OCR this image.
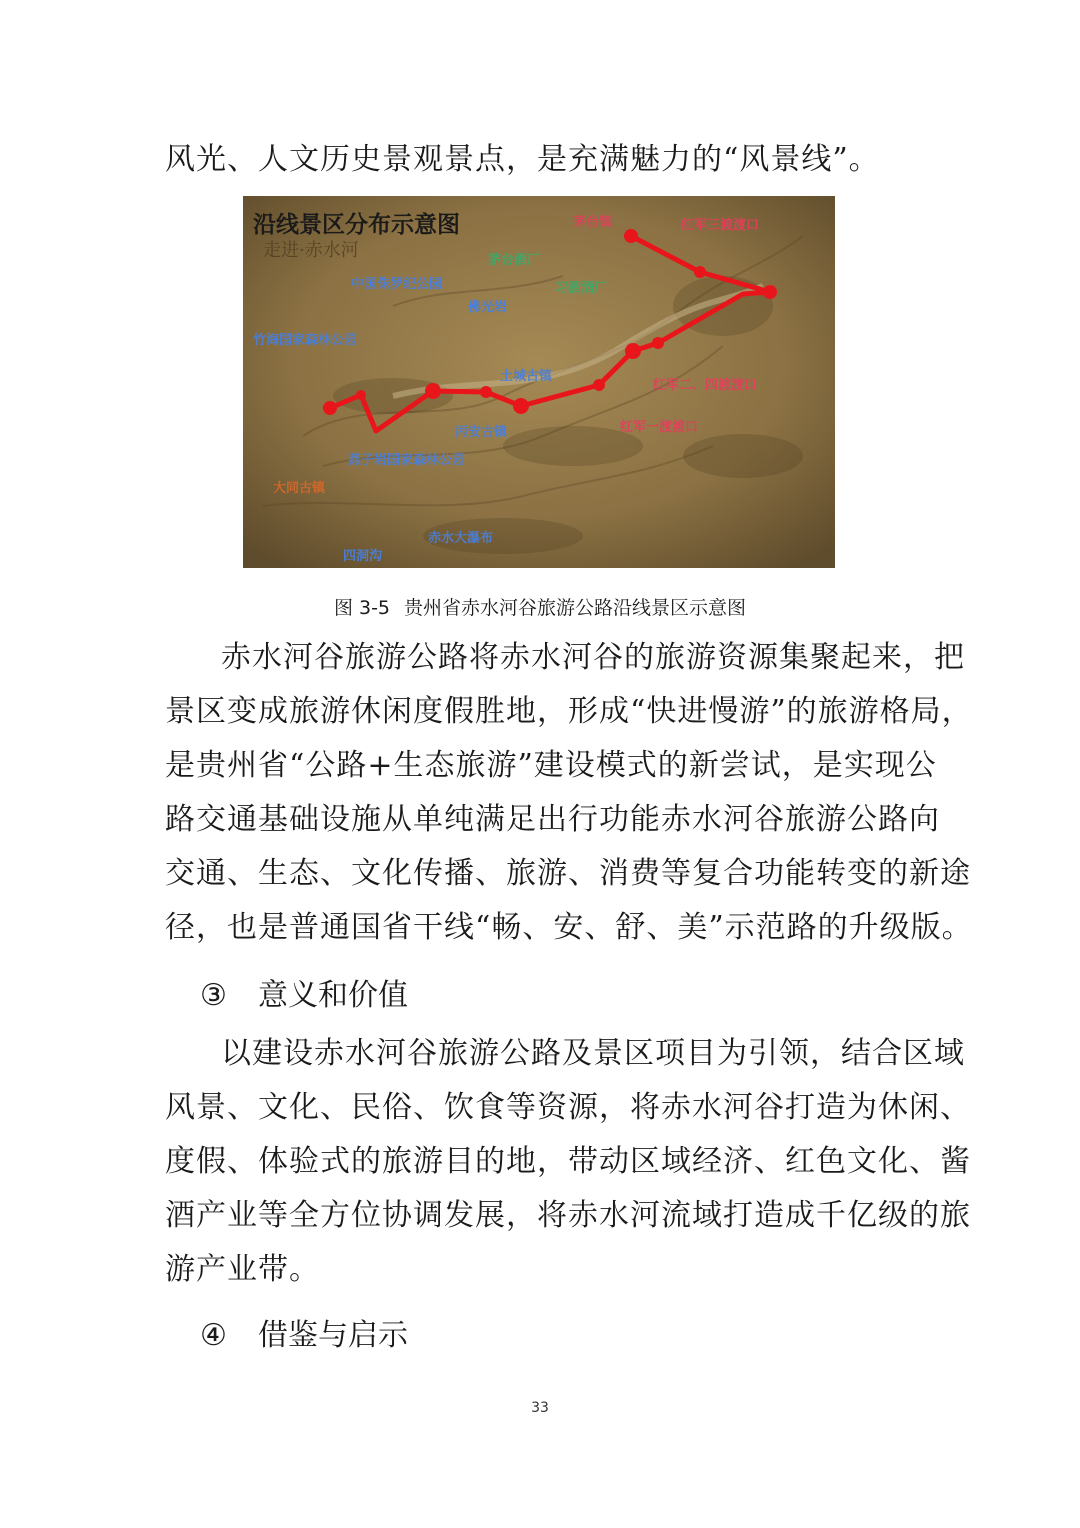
风光、人文历史景观景点，是充满魅力的“风景线”。
沿线景区分布示意图
走进·赤水河
茅台镇	红军三渡渡口
茅台酒厂
习酒酒厂
中国侏罗纪公园
佛光岩
竹海国家森林公园
土城古镇
红军二、四渡渡口
红军一渡渡口
丙安古镇
燕子岩国家森林公园
大同古镇
赤水大瀑布
四洞沟
图 3-5 贵州省赤水河谷旅游公路沿线景区示意图
赤水河谷旅游公路将赤水河谷的旅游资源集聚起来，把
景区变成旅游休闲度假胜地，形成“快进慢游”的旅游格局，
是贵州省“公路+生态旅游”建设模式的新尝试，是实现公
路交通基础设施从单纯满足出行功能赤水河谷旅游公路向
交通、生态、文化传播、旅游、消费等复合功能转变的新途
径，也是普通国省干线“畅、安、舒、美”示范路的升级版。
③ 意义和价值
以建设赤水河谷旅游公路及景区项目为引领，结合区域
风景、文化、民俗、饮食等资源，将赤水河谷打造为休闲、
度假、体验式的旅游目的地，带动区域经济、红色文化、酱
酒产业等全方位协调发展，将赤水河流域打造成千亿级的旅
游产业带。
④ 借鉴与启示
33
